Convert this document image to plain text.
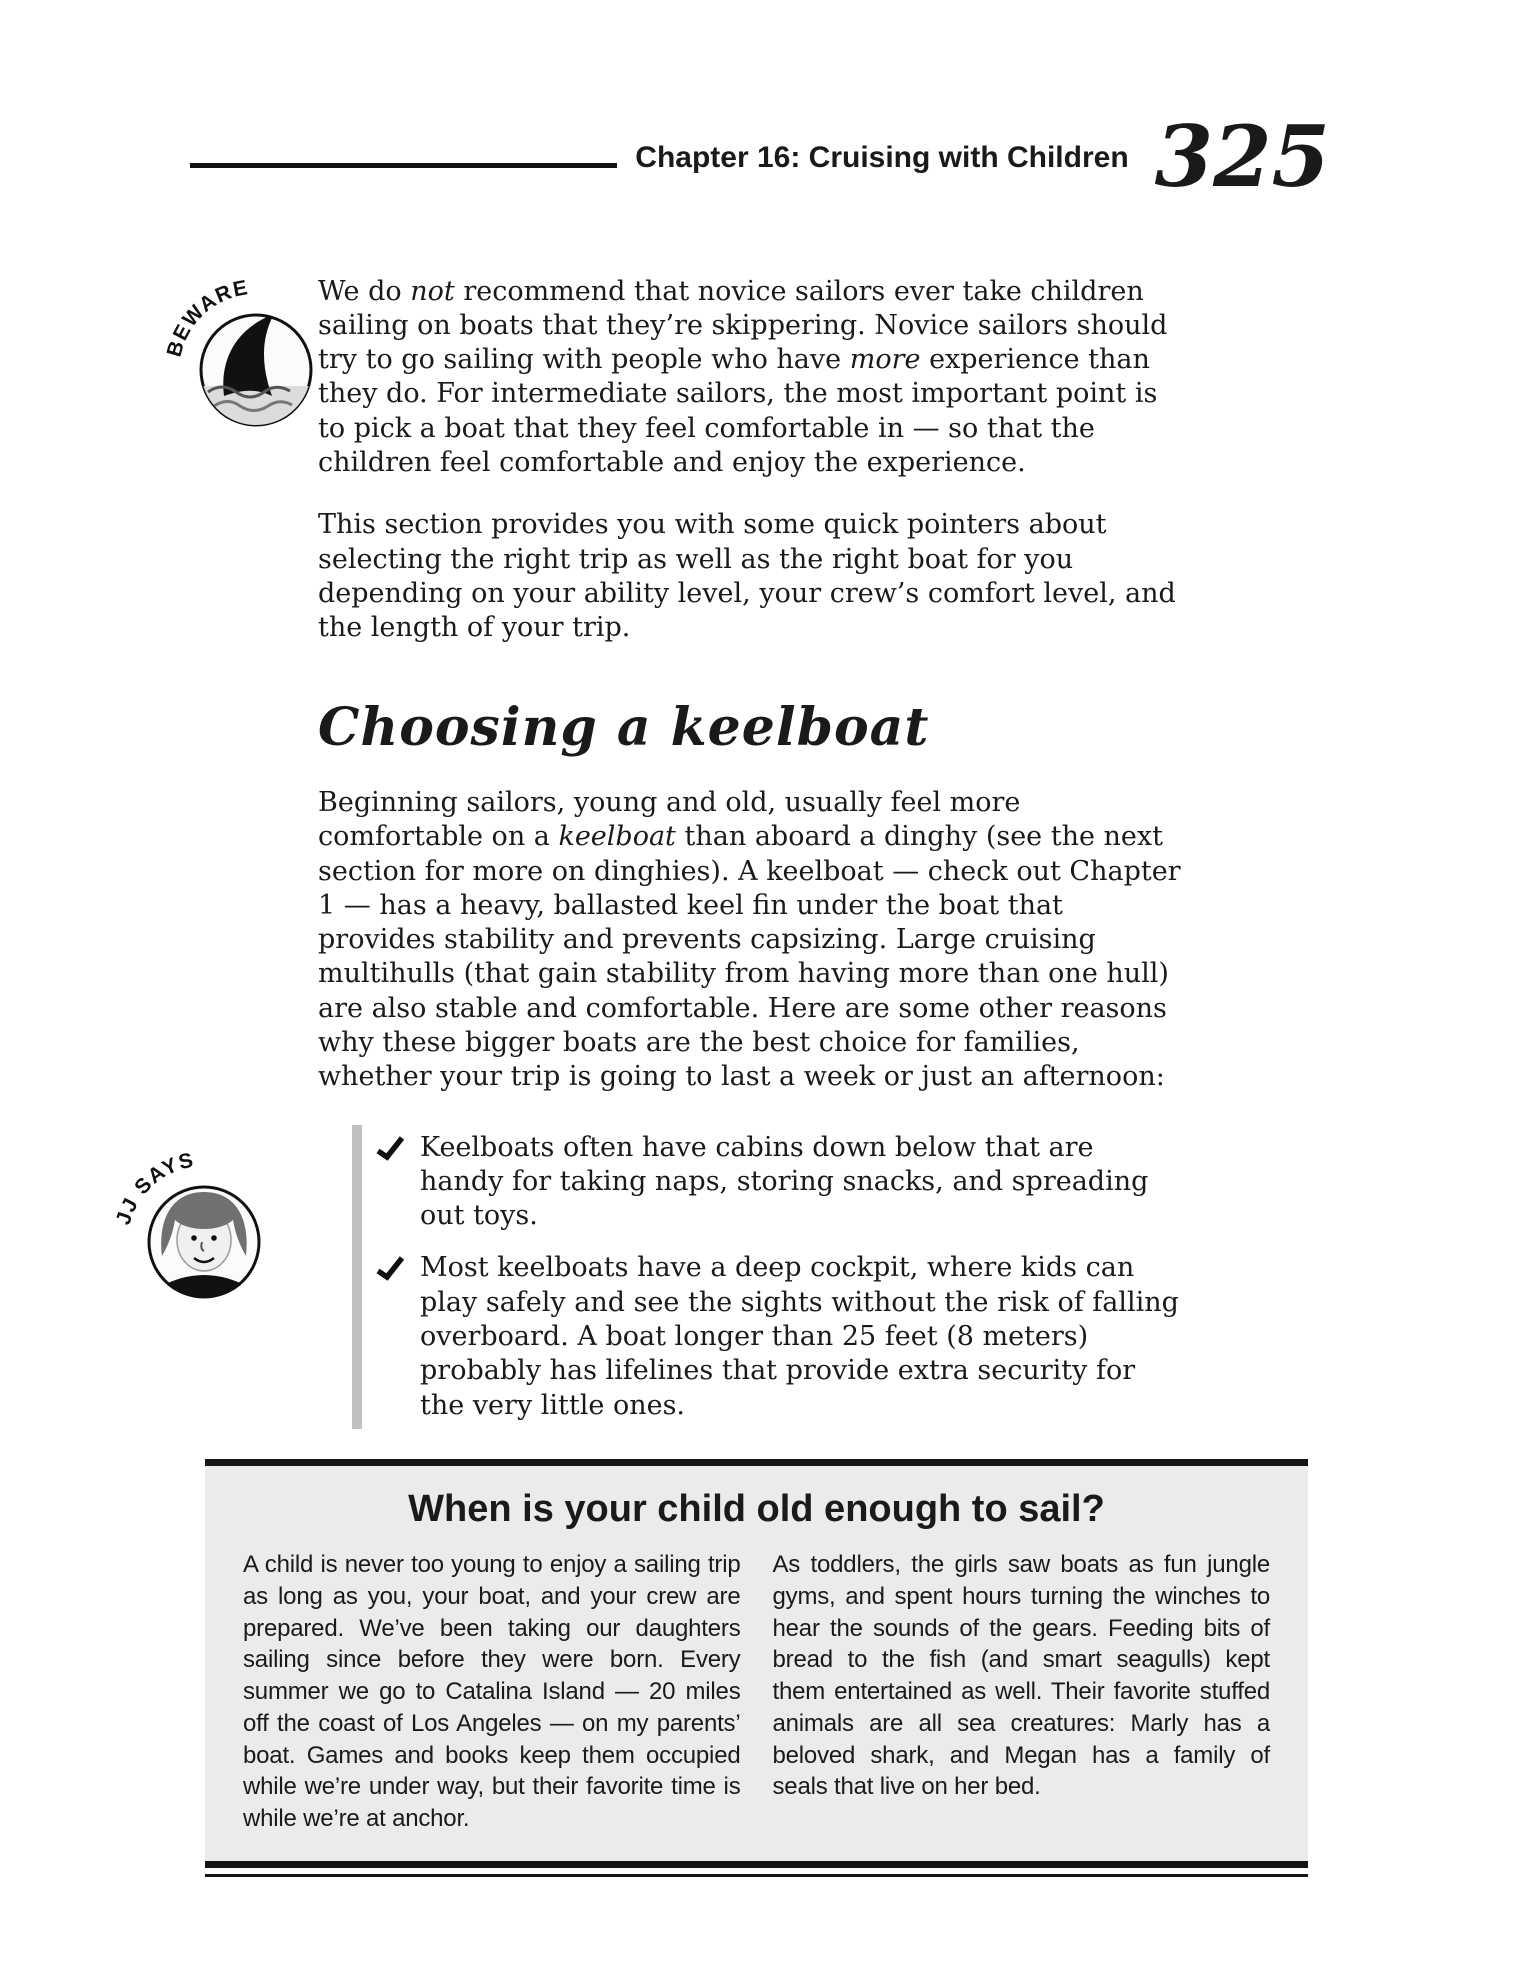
Chapter 16: Cruising with Children 325
BEWARE
JJ SAYS

We do not recommend that novice sailors ever take children sailing on boats that they’re skippering. Novice sailors should try to go sailing with people who have more experience than they do. For intermediate sailors, the most important point is to pick a boat that they feel comfortable in — so that the children feel comfortable and enjoy the experience.

This section provides you with some quick pointers about selecting the right trip as well as the right boat for you depending on your ability level, your crew’s comfort level, and the length of your trip.

Choosing a keelboat

Beginning sailors, young and old, usually feel more comfortable on a keelboat than aboard a dinghy (see the next section for more on dinghies). A keelboat — check out Chapter 1 — has a heavy, ballasted keel fin under the boat that provides stability and prevents capsizing. Large cruising multihulls (that gain stability from having more than one hull) are also stable and comfortable. Here are some other reasons why these bigger boats are the best choice for families, whether your trip is going to last a week or just an afternoon:

Keelboats often have cabins down below that are handy for taking naps, storing snacks, and spreading out toys.
Most keelboats have a deep cockpit, where kids can play safely and see the sights without the risk of falling overboard. A boat longer than 25 feet (8 meters) probably has lifelines that provide extra security for the very little ones.
When is your child old enough to sail?

A child is never too young to enjoy a sailing trip as long as you, your boat, and your crew are prepared. We’ve been taking our daughters sailing since before they were born. Every summer we go to Catalina Island — 20 miles off the coast of Los Angeles — on my parents’ boat. Games and books keep them occupied while we’re under way, but their favorite time is while we’re at anchor.

As toddlers, the girls saw boats as fun jungle gyms, and spent hours turning the winches to hear the sounds of the gears. Feeding bits of bread to the fish (and smart seagulls) kept them entertained as well. Their favorite stuffed animals are all sea creatures: Marly has a beloved shark, and Megan has a family of seals that live on her bed.
